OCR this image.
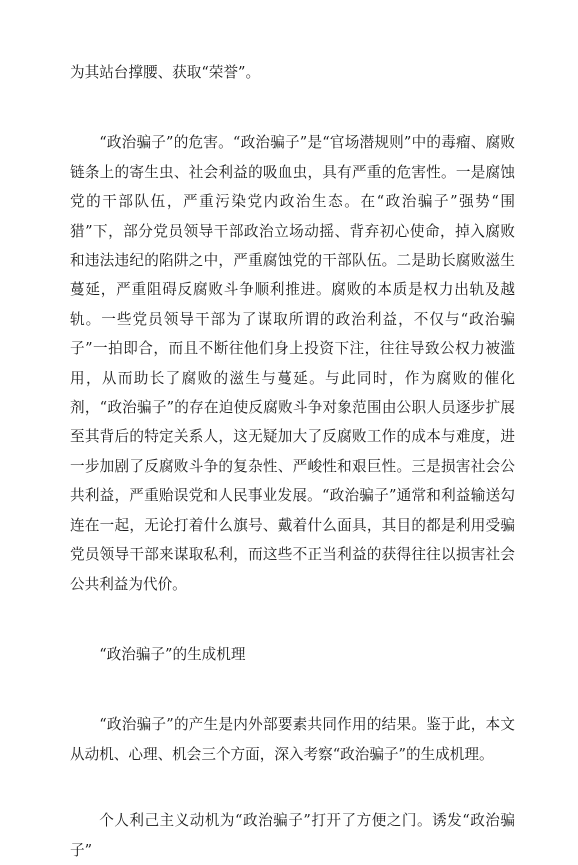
为其站台撑腰、获取“荣誉”。

“政治骗子”的危害。“政治骗子”是“官场潜规则”中的毒瘤、腐败链条上的寄生虫、社会利益的吸血虫，具有严重的危害性。一是腐蚀党的干部队伍，严重污染党内政治生态。在“政治骗子”强势“围猎”下，部分党员领导干部政治立场动摇、背弃初心使命，掉入腐败和违法违纪的陷阱之中，严重腐蚀党的干部队伍。二是助长腐败滋生蔓延，严重阻碍反腐败斗争顺利推进。腐败的本质是权力出轨及越轨。一些党员领导干部为了谋取所谓的政治利益，不仅与“政治骗子”一拍即合，而且不断往他们身上投资下注，往往导致公权力被滥用，从而助长了腐败的滋生与蔓延。与此同时，作为腐败的催化剂，“政治骗子”的存在迫使反腐败斗争对象范围由公职人员逐步扩展至其背后的特定关系人，这无疑加大了反腐败工作的成本与难度，进一步加剧了反腐败斗争的复杂性、严峻性和艰巨性。三是损害社会公共利益，严重贻误党和人民事业发展。“政治骗子”通常和利益输送勾连在一起，无论打着什么旗号、戴着什么面具，其目的都是利用受骗党员领导干部来谋取私利，而这些不正当利益的获得往往以损害社会公共利益为代价。

“政治骗子”的生成机理

“政治骗子”的产生是内外部要素共同作用的结果。鉴于此，本文从动机、心理、机会三个方面，深入考察“政治骗子”的生成机理。

个人利己主义动机为“政治骗子”打开了方便之门。诱发“政治骗子”
